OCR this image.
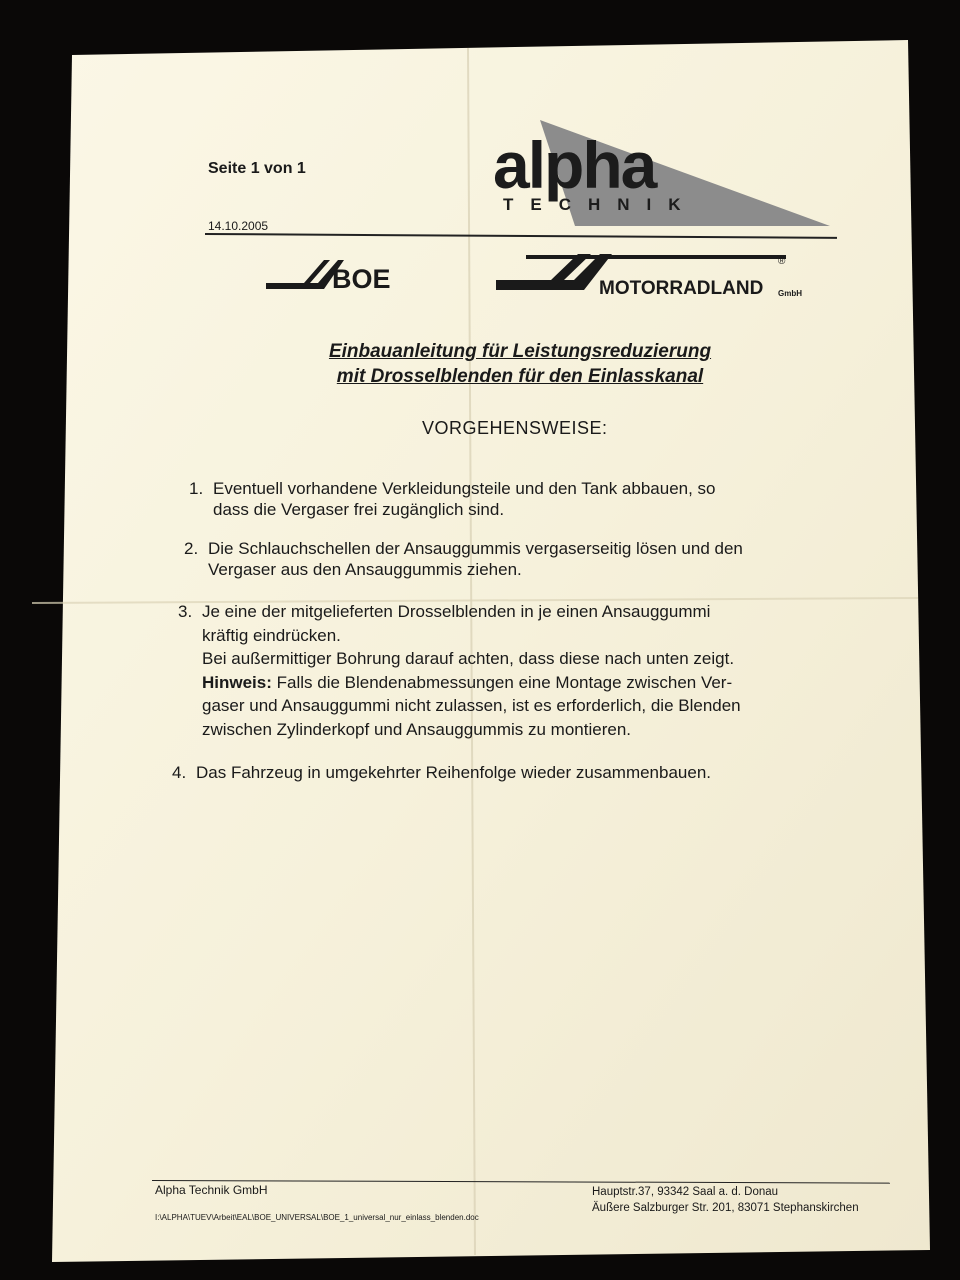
Seite 1 von 1
14.10.2005
alpha
TECHNIK
BOE	MOTORRADLAND GmbH
®
Einbauanleitung für Leistungsreduzierung
mit Drosselblenden für den Einlasskanal
VORGEHENSWEISE:
1. Eventuell vorhandene Verkleidungsteile und den Tank abbauen, so
dass die Vergaser frei zugänglich sind.
2. Die Schlauchschellen der Ansauggummis vergaserseitig lösen und den
Vergaser aus den Ansauggummis ziehen.
3. Je eine der mitgelieferten Drosselblenden in je einen Ansauggummi
kräftig eindrücken.
Bei außermittiger Bohrung darauf achten, dass diese nach unten zeigt.
Hinweis: Falls die Blendenabmessungen eine Montage zwischen Ver-
gaser und Ansauggummi nicht zulassen, ist es erforderlich, die Blenden
zwischen Zylinderkopf und Ansauggummis zu montieren.
4. Das Fahrzeug in umgekehrter Reihenfolge wieder zusammenbauen.
Alpha Technik GmbH
I:\ALPHA\TUEV\Arbeit\EAL\BOE_UNIVERSAL\BOE_1_universal_nur_einlass_blenden.doc
Hauptstr.37, 93342 Saal a. d. Donau
Äußere Salzburger Str. 201, 83071 Stephanskirchen
